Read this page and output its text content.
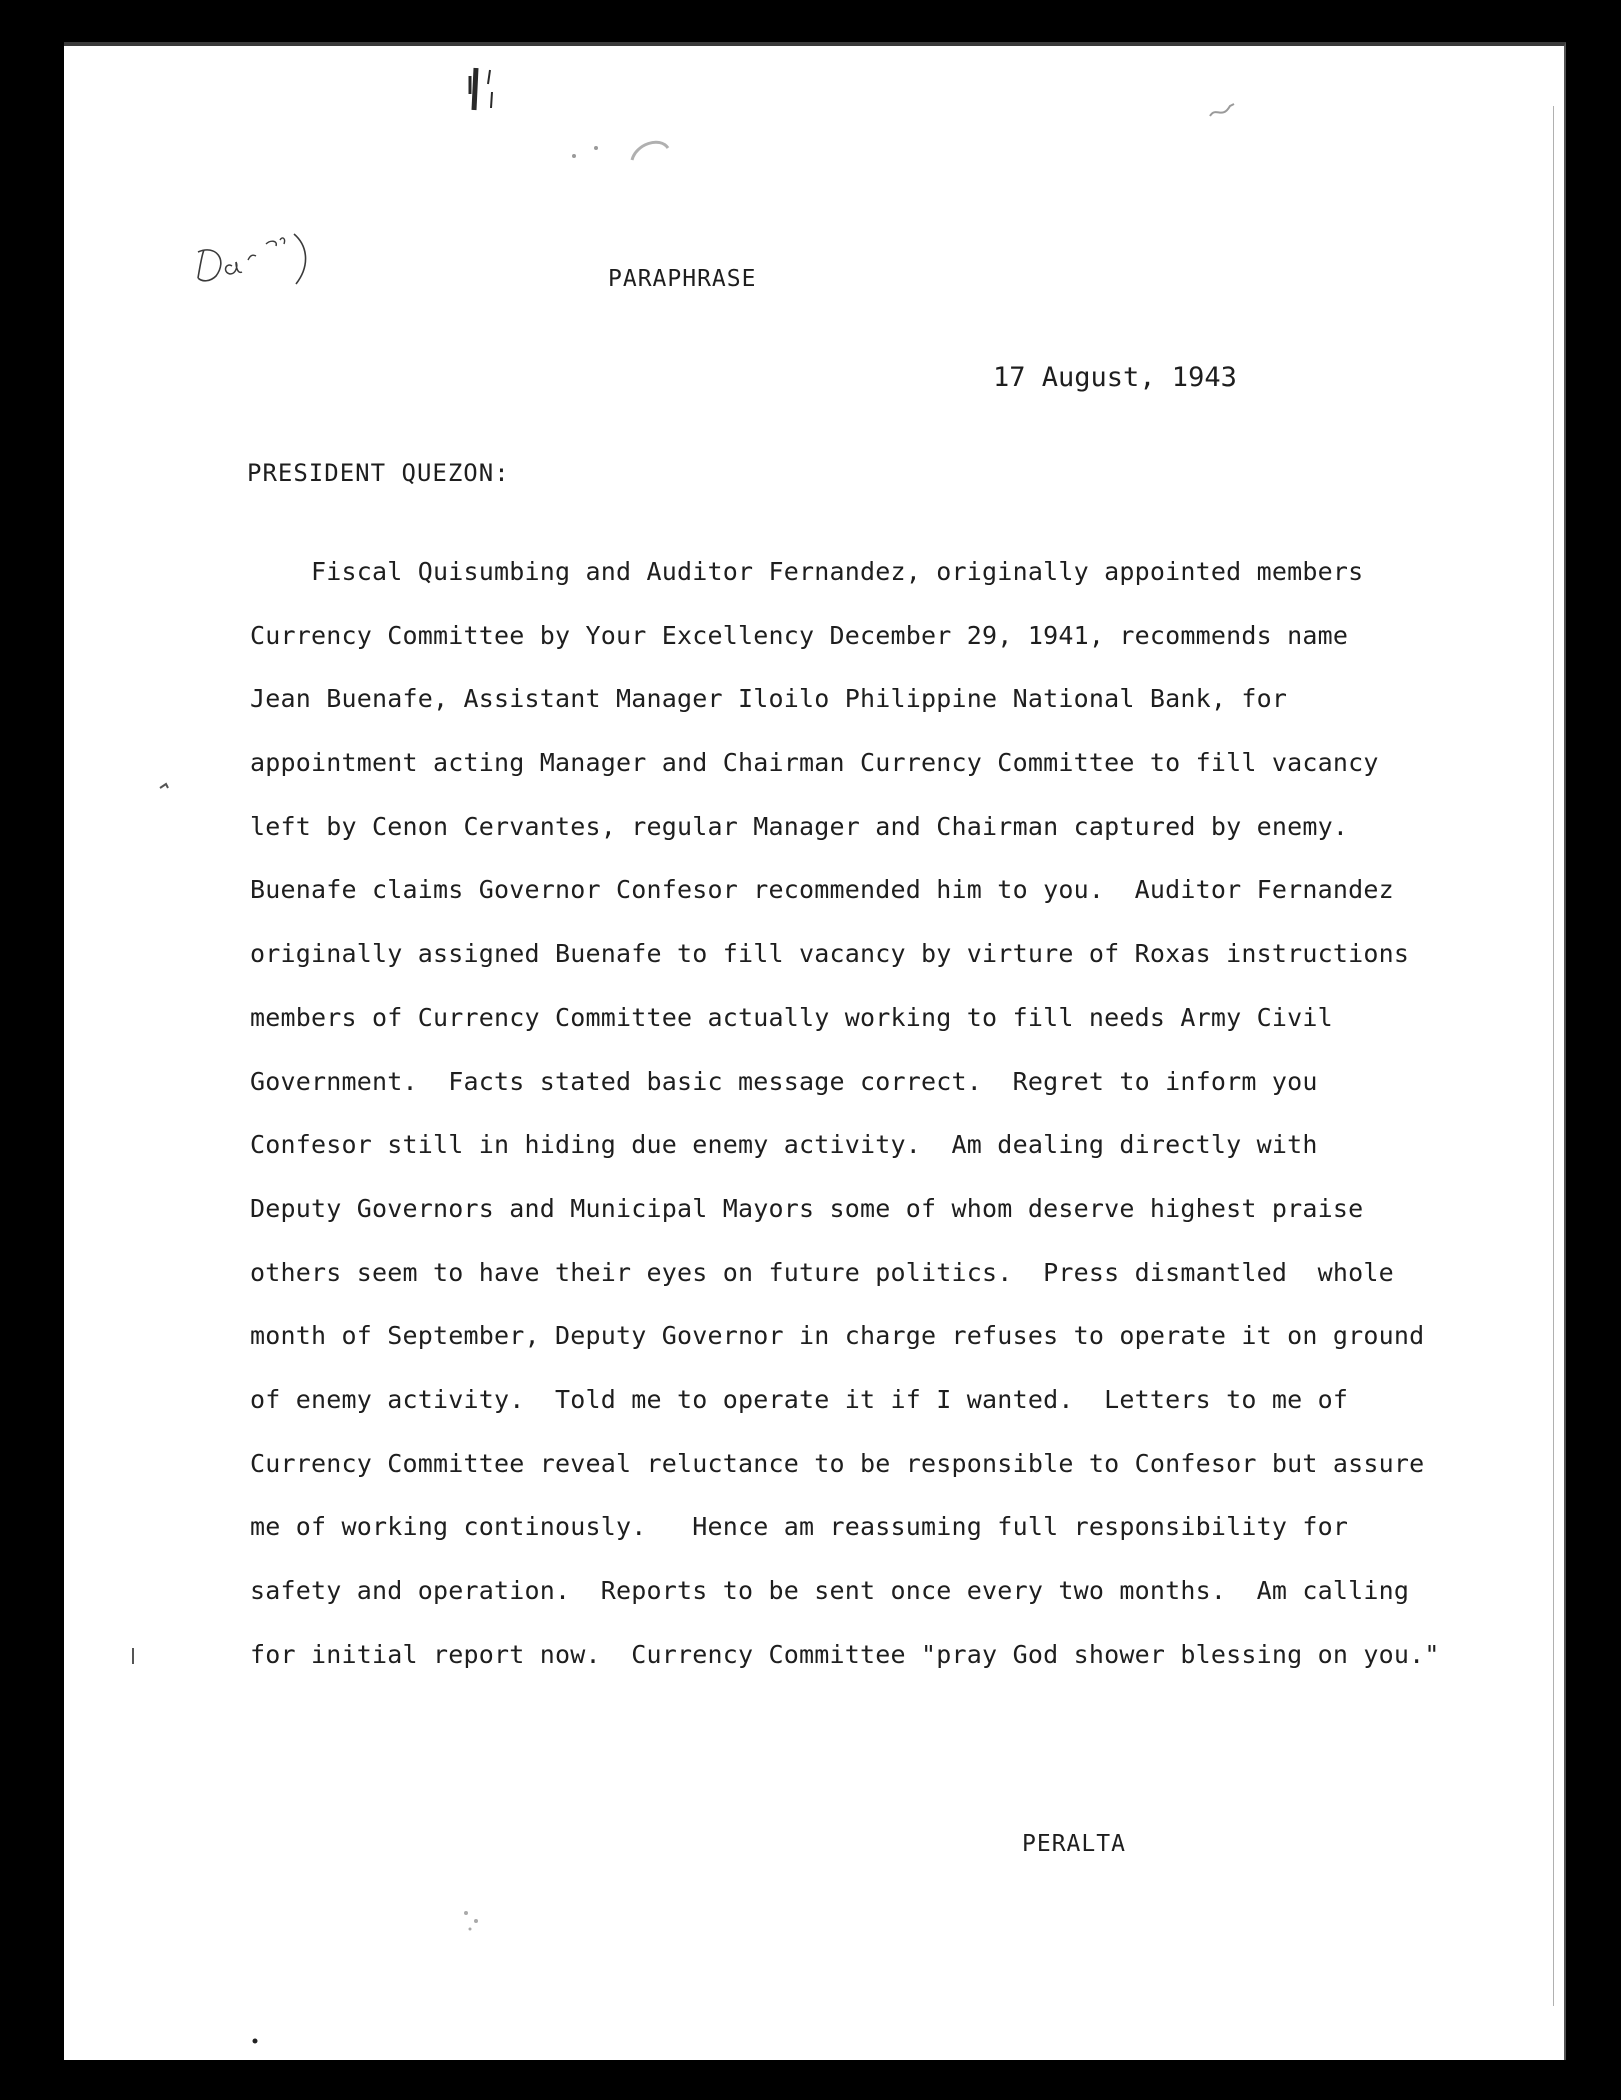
PARAPHRASE

17 August, 1943

PRESIDENT QUEZON:

Fiscal Quisumbing and Auditor Fernandez, originally appointed members
Currency Committee by Your Excellency December 29, 1941, recommends name
Jean Buenafe, Assistant Manager Iloilo Philippine National Bank, for
appointment acting Manager and Chairman Currency Committee to fill vacancy
left by Cenon Cervantes, regular Manager and Chairman captured by enemy.
Buenafe claims Governor Confesor recommended him to you.  Auditor Fernandez
originally assigned Buenafe to fill vacancy by virture of Roxas instructions
members of Currency Committee actually working to fill needs Army Civil
Government.  Facts stated basic message correct.  Regret to inform you
Confesor still in hiding due enemy activity.  Am dealing directly with
Deputy Governors and Municipal Mayors some of whom deserve highest praise
others seem to have their eyes on future politics.  Press dismantled  whole
month of September, Deputy Governor in charge refuses to operate it on ground
of enemy activity.  Told me to operate it if I wanted.  Letters to me of
Currency Committee reveal reluctance to be responsible to Confesor but assure
me of working continously.   Hence am reassuming full responsibility for
safety and operation.  Reports to be sent once every two months.  Am calling
for initial report now.  Currency Committee "pray God shower blessing on you."

PERALTA
